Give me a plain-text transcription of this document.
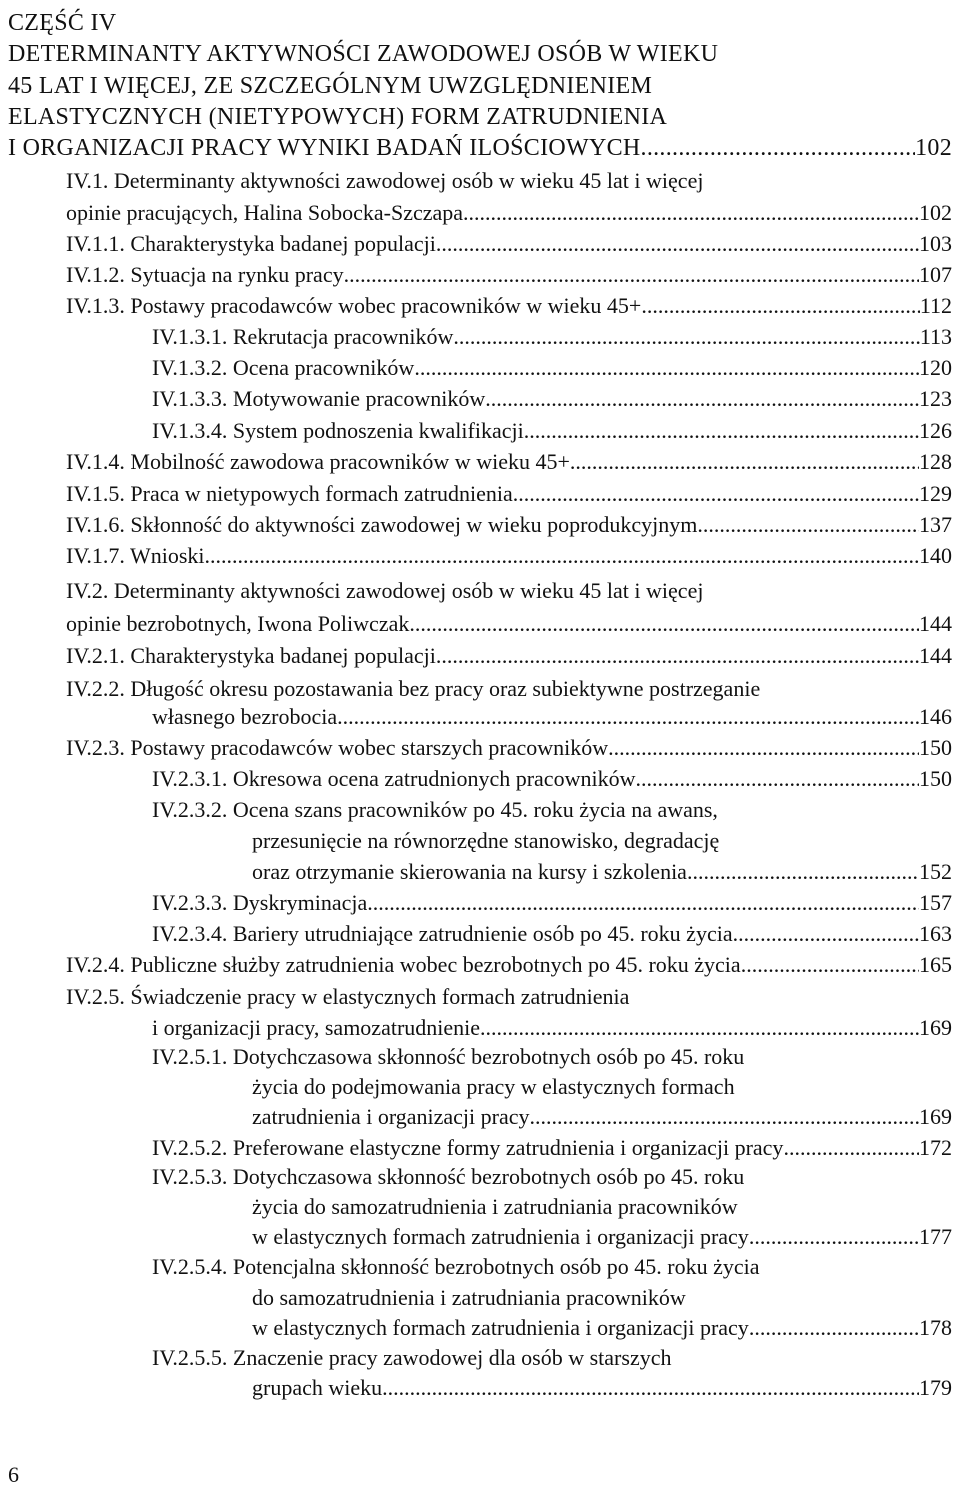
CZĘŚĆ IV
DETERMINANTY AKTYWNOŚCI ZAWODOWEJ OSÓB W WIEKU
45 LAT I WIĘCEJ, ZE SZCZEGÓLNYM UWZGLĘDNIENIEM
ELASTYCZNYCH (NIETYPOWYCH) FORM ZATRUDNIENIA
I ORGANIZACJI PRACY WYNIKI BADAŃ ILOŚCIOWYCH .....	102
IV.1. Determinanty aktywności zawodowej osób w wieku 45 lat i więcej
opinie pracujących, Halina Sobocka-Szczapa .....	102
IV.1.1. Charakterystyka badanej populacji .....	103
IV.1.2. Sytuacja na rynku pracy .....	107
IV.1.3. Postawy pracodawców wobec pracowników w wieku 45+ .....	112
IV.1.3.1. Rekrutacja pracowników .....	113
IV.1.3.2. Ocena pracowników .....	120
IV.1.3.3. Motywowanie pracowników .....	123
IV.1.3.4. System podnoszenia kwalifikacji .....	126
IV.1.4. Mobilność zawodowa pracowników w wieku 45+ .....	128
IV.1.5. Praca w nietypowych formach zatrudnienia .....	129
IV.1.6. Skłonność do aktywności zawodowej w wieku poprodukcyjnym .....	137
IV.1.7. Wnioski .....	140
IV.2. Determinanty aktywności zawodowej osób w wieku 45 lat i więcej
opinie bezrobotnych, Iwona Poliwczak .....	144
IV.2.1. Charakterystyka badanej populacji .....	144
IV.2.2. Długość okresu pozostawania bez pracy oraz subiektywne postrzeganie
własnego bezrobocia .....	146
IV.2.3. Postawy pracodawców wobec starszych pracowników .....	150
IV.2.3.1. Okresowa ocena zatrudnionych pracowników .....	150
IV.2.3.2. Ocena szans pracowników po 45. roku życia na awans,
przesunięcie na równorzędne stanowisko, degradację
oraz otrzymanie skierowania na kursy i szkolenia .....	152
IV.2.3.3. Dyskryminacja .....	157
IV.2.3.4. Bariery utrudniające zatrudnienie osób po 45. roku życia .....	163
IV.2.4. Publiczne służby zatrudnienia wobec bezrobotnych po 45. roku życia .....	165
IV.2.5. Świadczenie pracy w elastycznych formach zatrudnienia
i organizacji pracy, samozatrudnienie .....	169
IV.2.5.1. Dotychczasowa skłonność bezrobotnych osób po 45. roku
życia do podejmowania pracy w elastycznych formach
zatrudnienia i organizacji pracy .....	169
IV.2.5.2. Preferowane elastyczne formy zatrudnienia i organizacji pracy .....	172
IV.2.5.3. Dotychczasowa skłonność bezrobotnych osób po 45. roku
życia do samozatrudnienia i zatrudniania pracowników
w elastycznych formach zatrudnienia i organizacji pracy .....	177
IV.2.5.4. Potencjalna skłonność bezrobotnych osób po 45. roku życia
do samozatrudnienia i zatrudniania pracowników
w elastycznych formach zatrudnienia i organizacji pracy .....	178
IV.2.5.5. Znaczenie pracy zawodowej dla osób w starszych
grupach wieku .....	179
6
